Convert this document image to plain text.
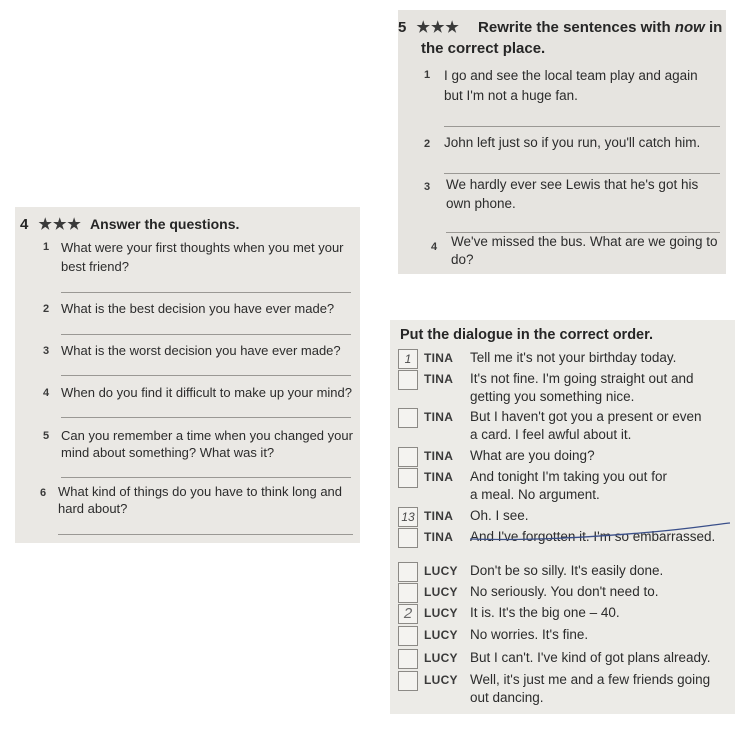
5 ★★★ Rewrite the sentences with now in
the correct place.
1 I go and see the local team play and again
but I'm not a huge fan.
2 John left just so if you run, you'll catch him.
3 We hardly ever see Lewis that he's got his
own phone.
4 We've missed the bus. What are we going to
do?
4 ★★★ Answer the questions.
1 What were your first thoughts when you met your
best friend?
2 What is the best decision you have ever made?
3 What is the worst decision you have ever made?
4 When do you find it difficult to make up your mind?
5 Can you remember a time when you changed your
mind about something? What was it?
6 What kind of things do you have to think long and
hard about?
Put the dialogue in the correct order.
1	TINA Tell me it's not your birthday today.
TINA It's not fine. I'm going straight out and
getting you something nice.
TINA But I haven't got you a present or even
a card. I feel awful about it.
TINA What are you doing?
TINA And tonight I'm taking you out for
a meal. No argument.
13 TINA Oh. I see.
TINA And I've forgotten it. I'm so embarrassed.
LUCY Don't be so silly. It's easily done.
LUCY No seriously. You don't need to.
2 LUCY It is. It's the big one – 40.
LUCY No worries. It's fine.
LUCY But I can't. I've kind of got plans already.
LUCY Well, it's just me and a few friends going
out dancing.
